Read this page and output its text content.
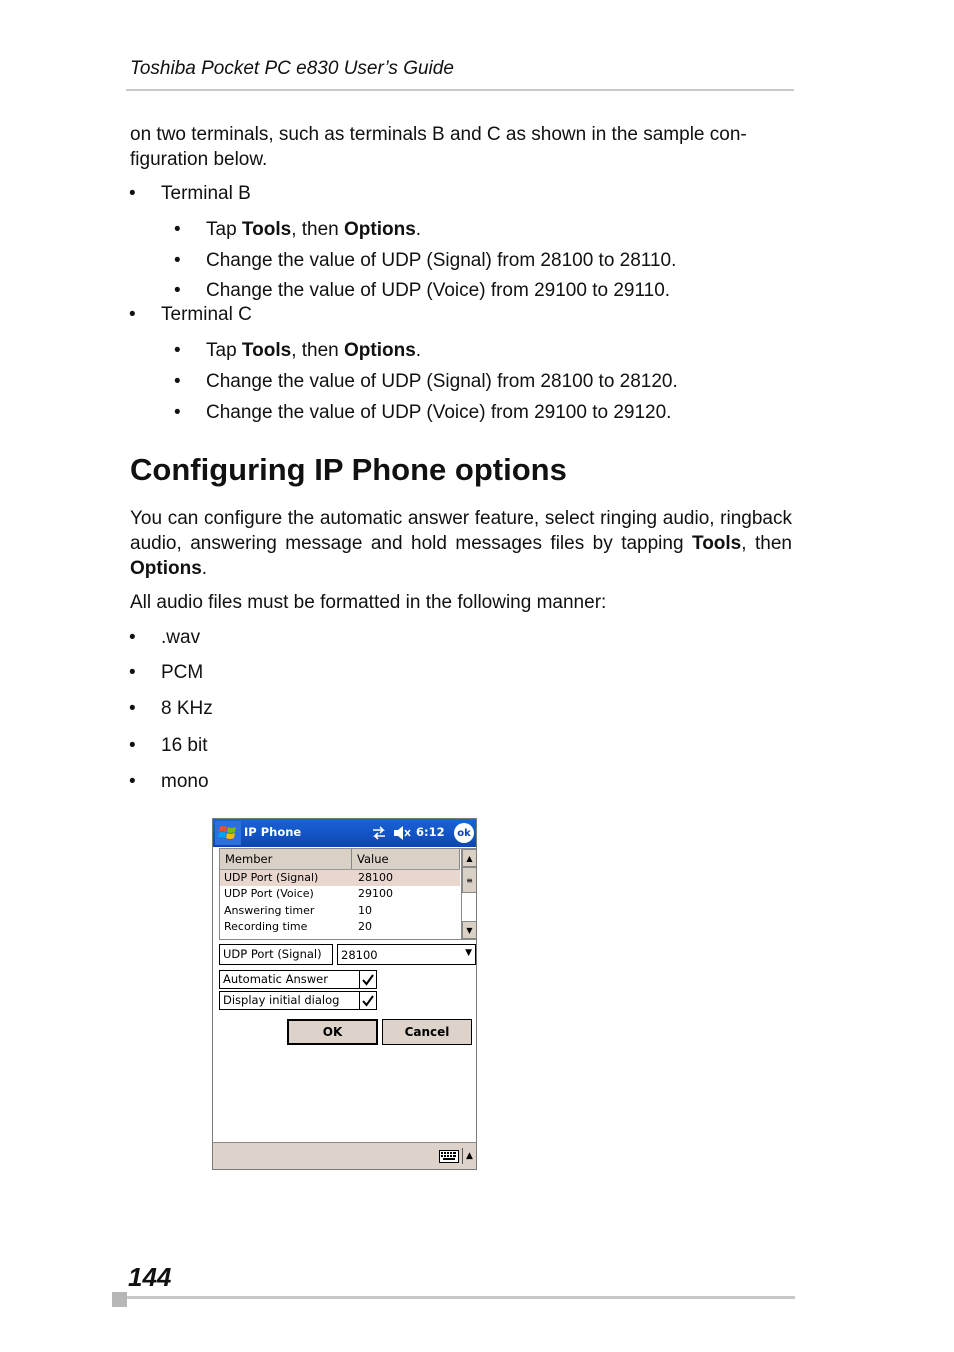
Toshiba Pocket PC e830 User’s Guide

on two terminals, such as terminals B and C as shown in the sample con-
figuration below.

• Terminal B
• Tap Tools, then Options.
• Change the value of UDP (Signal) from 28100 to 28110.
• Change the value of UDP (Voice) from 29100 to 29110.
• Terminal C
• Tap Tools, then Options.
• Change the value of UDP (Signal) from 28100 to 28120.
• Change the value of UDP (Voice) from 29100 to 29120.
Configuring IP Phone options

You can configure the automatic answer feature, select ringing audio, ringback audio, answering message and hold messages files by tapping Tools, then Options.

All audio files must be formatted in the following manner:

• .wav
• PCM
• 8 KHz
• 16 bit
• mono
IP Phone	6:12	ok
Member	Value
UDP Port (Signal)	28100
UDP Port (Voice)	29100
Answering timer	10
Recording time	20
▲
≡
▼
UDP Port (Signal)	28100	▼
Automatic Answer
Display initial dialog
OK	Cancel
▲
144
